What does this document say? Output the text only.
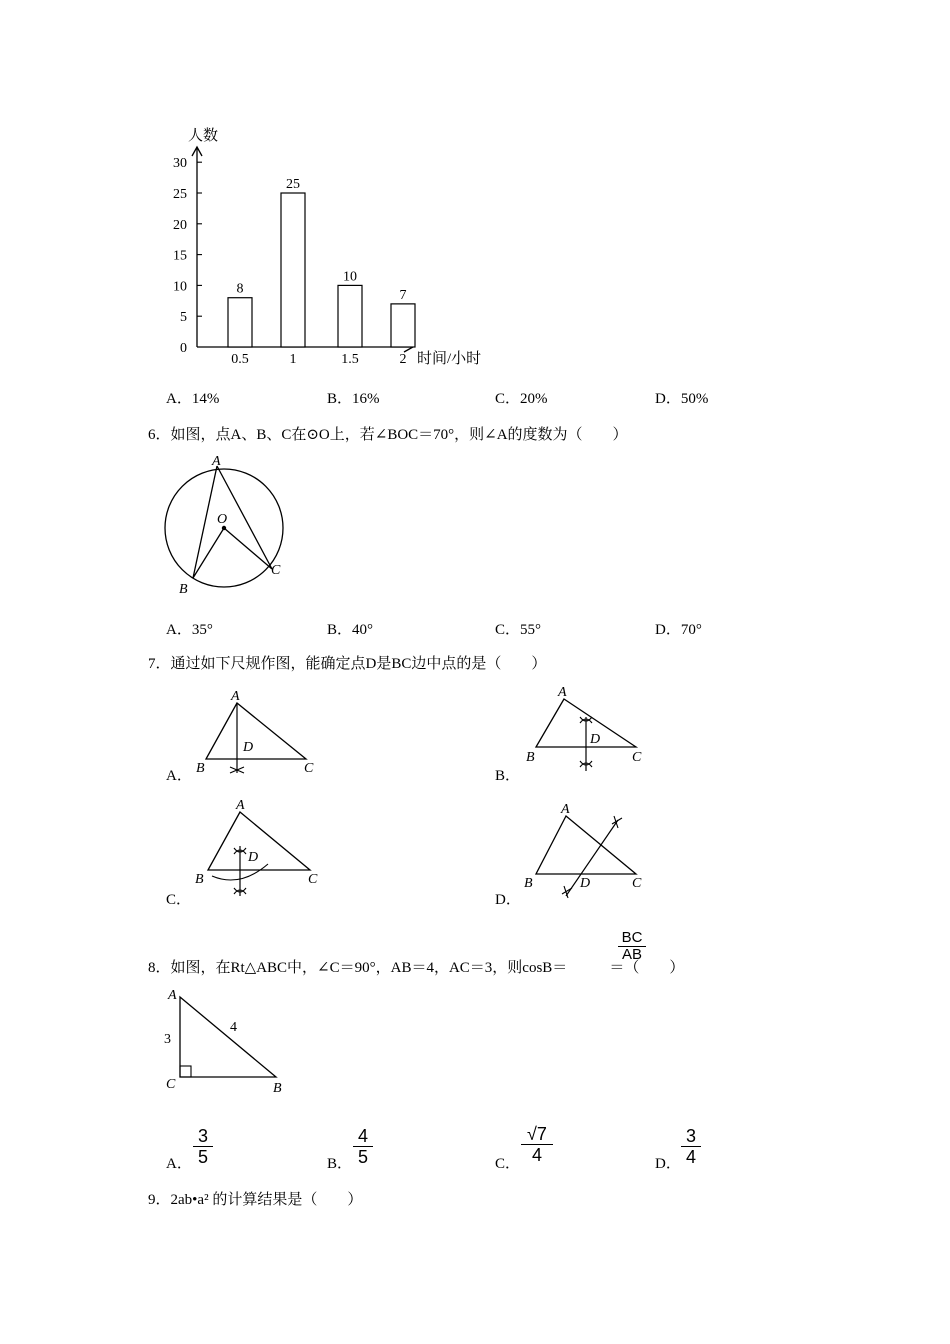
0
5
10
15
20
25
30
8
0.5
25
1
10
1.5
7
2
人数
时间/小时
A．14%	B．16%	C．20%	D．50%
6．如图，点A、B、C在⊙O上，若∠BOC＝70°，则∠A的度数为（　　）
A
O
B
C
A．35°	B．40°	C．55°	D．70°
7．通过如下尺规作图，能确定点D是BC边中点的是（　　）
A．
A
D
B	C	B．
A
D
B	C
C．
A
D
B	C
D．
A
D
B	C
8．如图，在Rt△ABC中，∠C＝90°，AB＝4，AC＝3，则cosB＝	＝（　　）
$\frac{BC}{AB}$
A
C	B
3
4
A． $\frac{3}{5}$	B． $\frac{4}{5}$	C． $\frac{√7}{4}$	D． $\frac{3}{4}$
9．2ab•a² 的计算结果是（　　）
